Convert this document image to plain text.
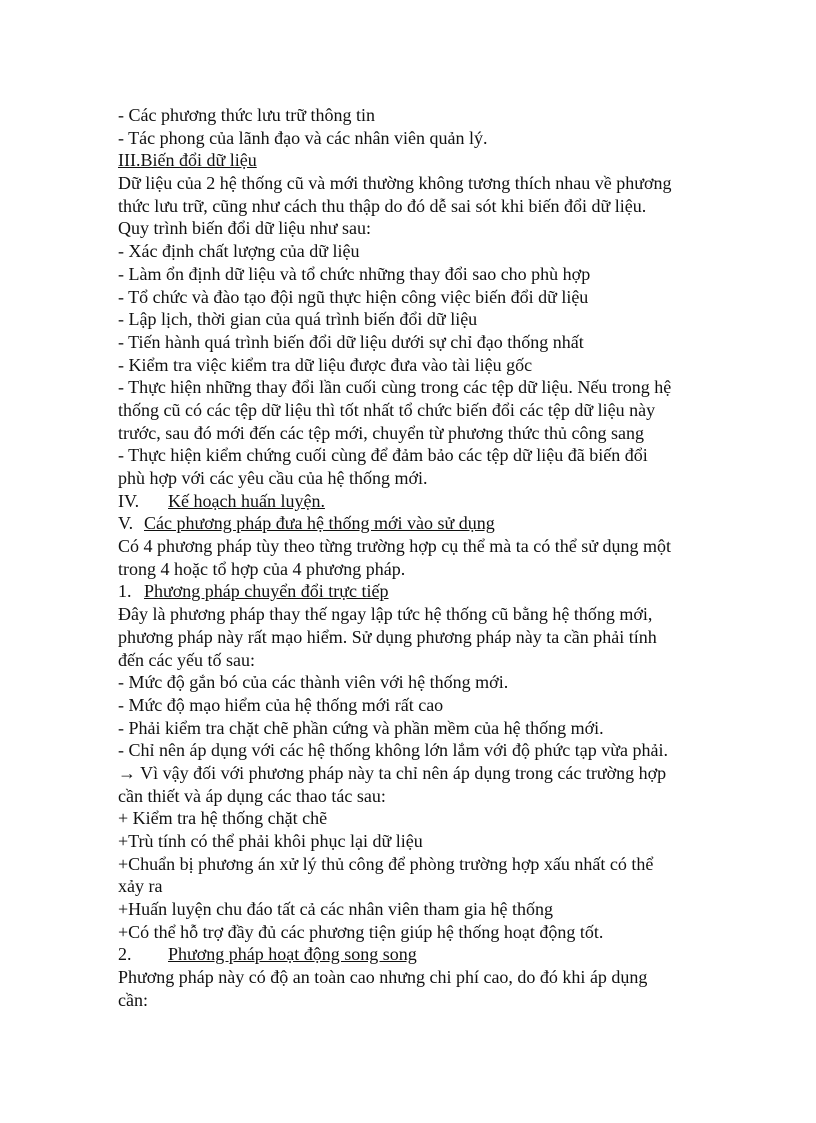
- Các phương thức lưu trữ thông tin
- Tác phong của lãnh đạo và các nhân viên quản lý.
III.Biến đổi dữ liệu
Dữ liệu của 2 hệ thống cũ và mới thường không tương thích nhau về phương
thức lưu trữ, cũng như cách thu thập do đó dễ sai sót khi biến đổi dữ liệu.
Quy trình biến đổi dữ liệu như sau:
- Xác định chất lượng của dữ liệu
- Làm ổn định dữ liệu và tổ chức những thay đổi sao cho phù hợp
- Tổ chức và đào tạo đội ngũ thực hiện công việc biến đổi dữ liệu
- Lập lịch, thời gian của quá trình biến đổi dữ liệu
- Tiến hành quá trình biến đổi dữ liệu dưới sự chỉ đạo thống nhất
- Kiểm tra việc kiểm tra dữ liệu được đưa vào tài liệu gốc
- Thực hiện những thay đổi lần cuối cùng trong các tệp dữ liệu. Nếu trong hệ
thống cũ có các tệp dữ liệu thì tốt nhất tổ chức biến đổi các tệp dữ liệu này
trước, sau đó mới đến các tệp mới, chuyển từ phương thức thủ công sang
- Thực hiện kiểm chứng cuối cùng để đảm bảo các tệp dữ liệu đã biến đổi
phù hợp với các yêu cầu của hệ thống mới.
IV. Kế hoạch huấn luyện.
V. Các phương pháp đưa hệ thống mới vào sử dụng
Có 4 phương pháp tùy theo từng trường hợp cụ thể mà ta có thể sử dụng một
trong 4 hoặc tổ hợp của 4 phương pháp.
1. Phương pháp chuyển đổi trực tiếp
Đây là phương pháp thay thế ngay lập tức hệ thống cũ bằng hệ thống mới,
phương pháp này rất mạo hiểm. Sử dụng phương pháp này ta cần phải tính
đến các yếu tố sau:
- Mức độ gắn bó của các thành viên với hệ thống mới.
- Mức độ mạo hiểm của hệ thống mới rất cao
- Phải kiểm tra chặt chẽ phần cứng và phần mềm của hệ thống mới.
- Chỉ nên áp dụng với các hệ thống không lớn lắm với độ phức tạp vừa phải.
→ Vì vậy đối với phương pháp này ta chỉ nên áp dụng trong các trường hợp
cần thiết và áp dụng các thao tác sau:
+ Kiểm tra hệ thống chặt chẽ
+Trù tính có thể phải khôi phục lại dữ liệu
+Chuẩn bị phương án xử lý thủ công để phòng trường hợp xấu nhất có thể
xảy ra
+Huấn luyện chu đáo tất cả các nhân viên tham gia hệ thống
+Có thể hỗ trợ đầy đủ các phương tiện giúp hệ thống hoạt động tốt.
2. Phương pháp hoạt động song song
Phương pháp này có độ an toàn cao nhưng chi phí cao, do đó khi áp dụng
cần:
